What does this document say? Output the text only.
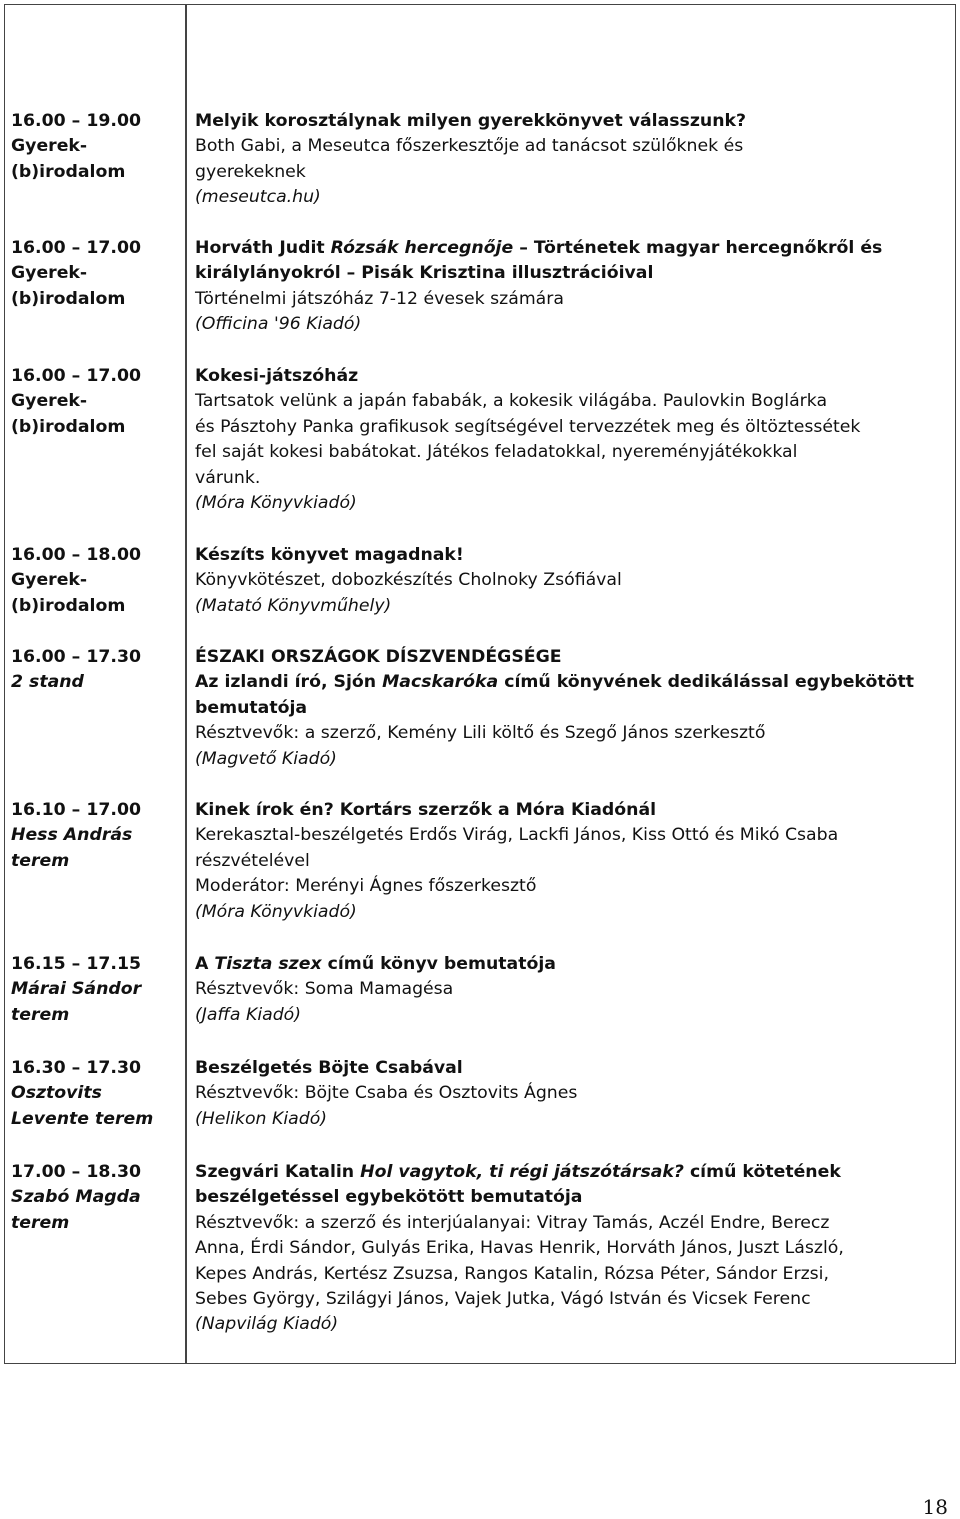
16.00 – 19.00
Gyerek-
(b)irodalom
Melyik korosztálynak milyen gyerekkönyvet válasszunk?
Both Gabi, a Meseutca főszerkesztője ad tanácsot szülőknek és
gyerekeknek
(meseutca.hu)
16.00 – 17.00
Gyerek-
(b)irodalom
Horváth Judit Rózsák hercegnője – Történetek magyar hercegnőkről és
királylányokról – Pisák Krisztina illusztrációival
Történelmi játszóház 7-12 évesek számára
(Officina '96 Kiadó)
16.00 – 17.00
Gyerek-
(b)irodalom
Kokesi-játszóház
Tartsatok velünk a japán fababák, a kokesik világába. Paulovkin Boglárka
és Pásztohy Panka grafikusok segítségével tervezzétek meg és öltöztessétek
fel saját kokesi babátokat. Játékos feladatokkal, nyereményjátékokkal
várunk.
(Móra Könyvkiadó)
16.00 – 18.00
Gyerek-
(b)irodalom
Készíts könyvet magadnak!
Könyvkötészet, dobozkészítés Cholnoky Zsófiával
(Matató Könyvműhely)
16.00 – 17.30
2 stand
ÉSZAKI ORSZÁGOK DÍSZVENDÉGSÉGE
Az izlandi író, Sjón Macskaróka című könyvének dedikálással egybekötött
bemutatója
Résztvevők: a szerző, Kemény Lili költő és Szegő János szerkesztő
(Magvető Kiadó)
16.10 – 17.00
Hess András
terem
Kinek írok én? Kortárs szerzők a Móra Kiadónál
Kerekasztal-beszélgetés Erdős Virág, Lackfi János, Kiss Ottó és Mikó Csaba
részvételével
Moderátor: Merényi Ágnes főszerkesztő
(Móra Könyvkiadó)
16.15 – 17.15
Márai Sándor
terem
A Tiszta szex című könyv bemutatója
Résztvevők: Soma Mamagésa
(Jaffa Kiadó)
16.30 – 17.30
Osztovits
Levente terem
Beszélgetés Böjte Csabával
Résztvevők: Böjte Csaba és Osztovits Ágnes
(Helikon Kiadó)
17.00 – 18.30
Szabó Magda
terem
Szegvári Katalin Hol vagytok, ti régi játszótársak? című kötetének
beszélgetéssel egybekötött bemutatója
Résztvevők: a szerző és interjúalanyai: Vitray Tamás, Aczél Endre, Berecz
Anna, Érdi Sándor, Gulyás Erika, Havas Henrik, Horváth János, Juszt László,
Kepes András, Kertész Zsuzsa, Rangos Katalin, Rózsa Péter, Sándor Erzsi,
Sebes György, Szilágyi János, Vajek Jutka, Vágó István és Vicsek Ferenc
(Napvilág Kiadó)
18
